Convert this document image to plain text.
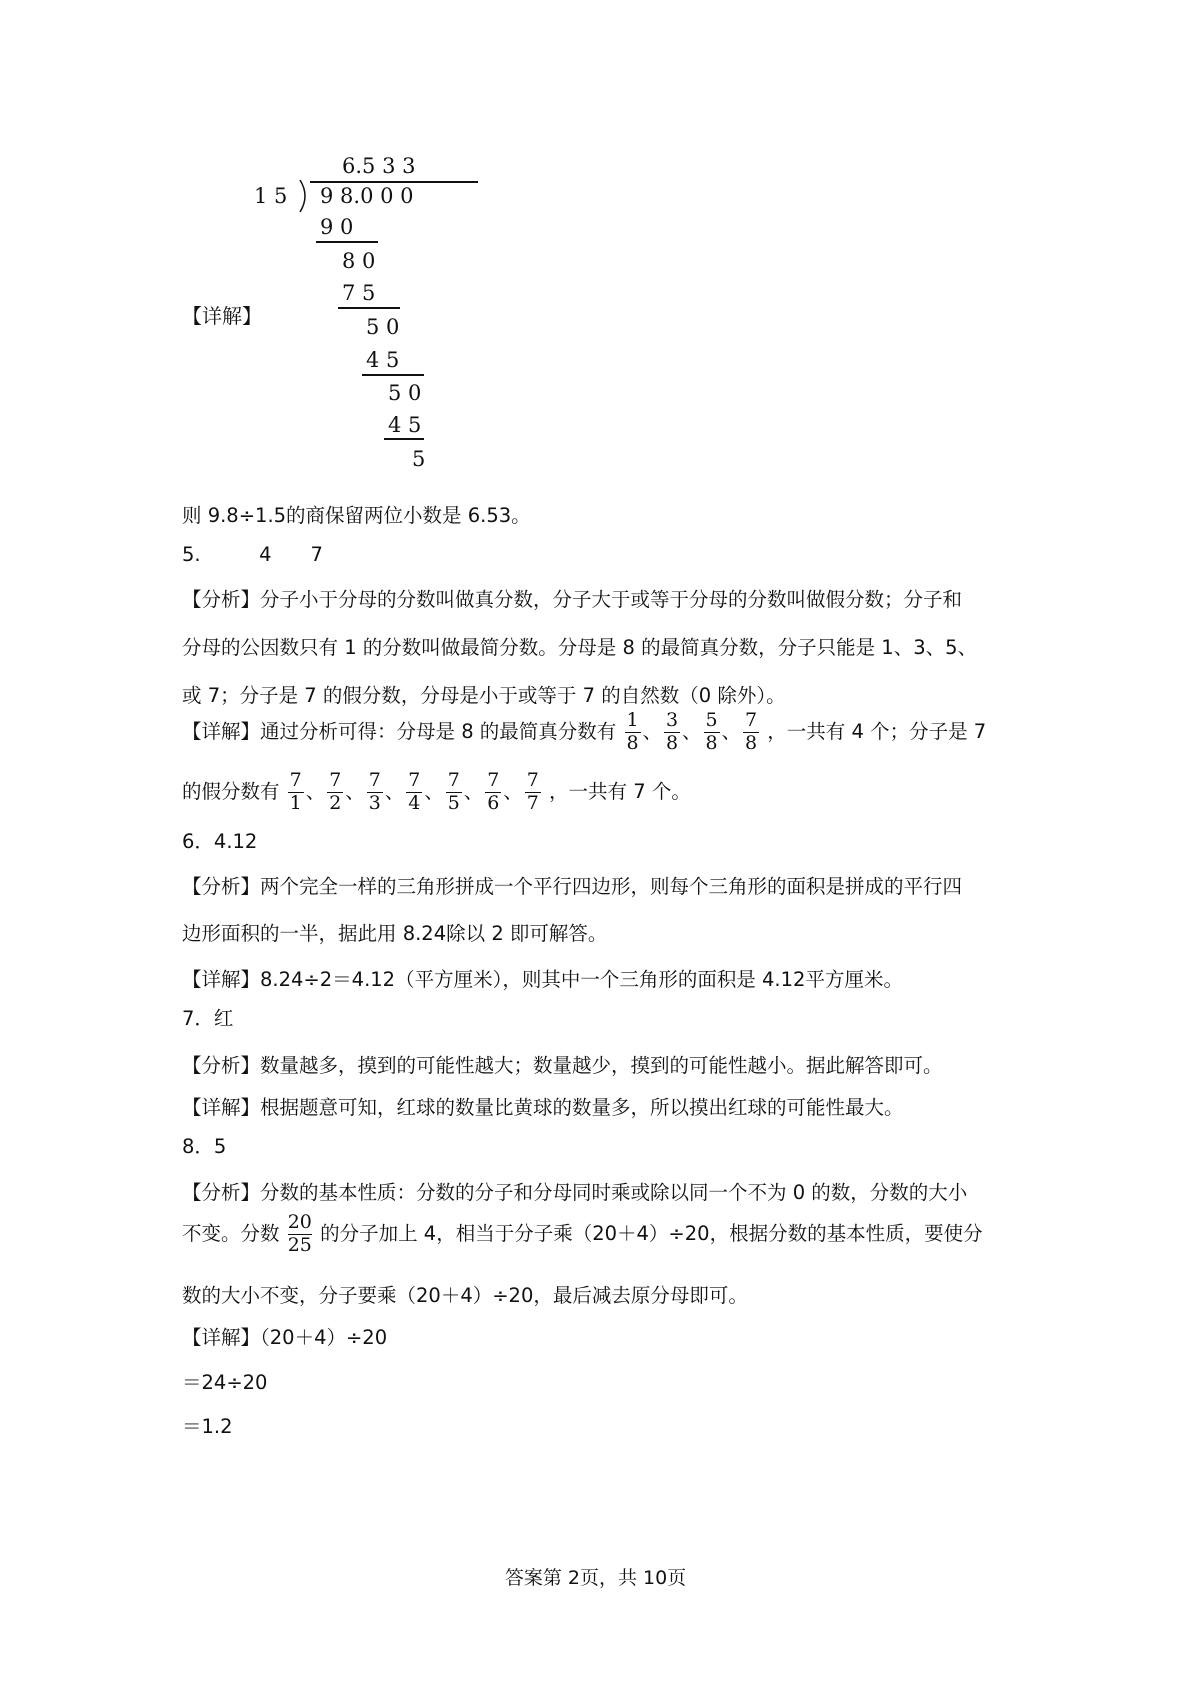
6.5 3 3
1 5 9 8.0 0 0
9 0
8 0
7 5
5 0
4 5
5 0
4 5
5
【详解】
则 9.8÷1.5的商保留两位小数是 6.53。
5.　　　4　　7
【分析】分子小于分母的分数叫做真分数，分子大于或等于分母的分数叫做假分数；分子和
分母的公因数只有 1 的分数叫做最简分数。分母是 8 的最简真分数，分子只能是 1、3、5、
或 7；分子是 7 的假分数，分母是小于或等于 7 的自然数（0 除外）。
【详解】通过分析可得：分母是 8 的最简真分数有 $\frac{1}{8}$ 、 $\frac{3}{8}$ 、 $\frac{5}{8}$ 、 $\frac{7}{8}$ ，一共有 4 个；分子是 7
的假分数有 $\frac{7}{1}$ 、 $\frac{7}{2}$ 、 $\frac{7}{3}$ 、 $\frac{7}{4}$ 、 $\frac{7}{5}$ 、 $\frac{7}{6}$ 、 $\frac{7}{7}$ ，一共有 7 个。
6．4.12
【分析】两个完全一样的三角形拼成一个平行四边形，则每个三角形的面积是拼成的平行四
边形面积的一半，据此用 8.24除以 2 即可解答。
【详解】8.24÷2＝4.12（平方厘米），则其中一个三角形的面积是 4.12平方厘米。
7．红
【分析】数量越多，摸到的可能性越大；数量越少，摸到的可能性越小。据此解答即可。
【详解】根据题意可知，红球的数量比黄球的数量多，所以摸出红球的可能性最大。
8．5
【分析】分数的基本性质：分数的分子和分母同时乘或除以同一个不为 0 的数，分数的大小
不变。分数 $\frac{20}{25}$ 的分子加上 4，相当于分子乘（20＋4）÷20，根据分数的基本性质，要使分
数的大小不变，分子要乘（20＋4）÷20，最后减去原分母即可。
【详解】（20＋4）÷20
＝24÷20
＝1.2
答案第 2页，共 10页
